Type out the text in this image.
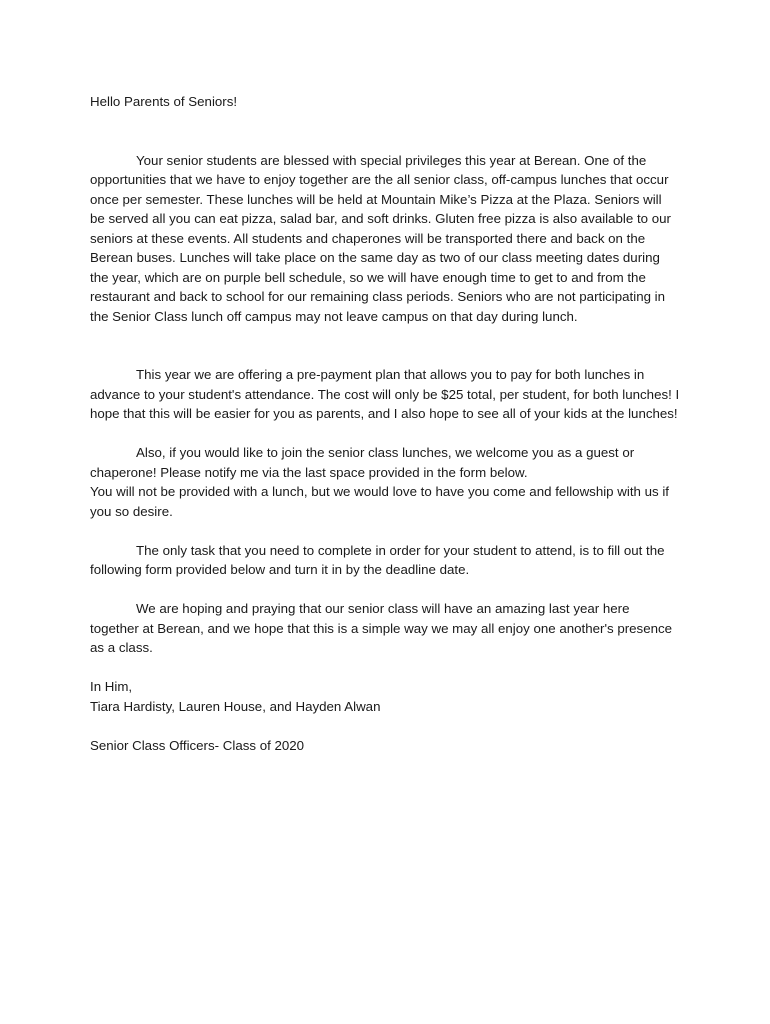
Hello Parents of Seniors!

Your senior students are blessed with special privileges this year at Berean. One of the opportunities that we have to enjoy together are the all senior class, off-campus lunches that occur once per semester. These lunches will be held at Mountain Mike’s Pizza at the Plaza. Seniors will be served all you can eat pizza, salad bar, and soft drinks. Gluten free pizza is also available to our seniors at these events. All students and chaperones will be transported there and back on the Berean buses. Lunches will take place on the same day as two of our class meeting dates during the year, which are on purple bell schedule, so we will have enough time to get to and from the restaurant and back to school for our remaining class periods. Seniors who are not participating in the Senior Class lunch off campus may not leave campus on that day during lunch.

This year we are offering a pre-payment plan that allows you to pay for both lunches in advance to your student's attendance. The cost will only be $25 total, per student, for both lunches! I hope that this will be easier for you as parents, and I also hope to see all of your kids at the lunches!

Also, if you would like to join the senior class lunches, we welcome you as a guest or chaperone! Please notify me via the last space provided in the form below.

You will not be provided with a lunch, but we would love to have you come and fellowship with us if you so desire.

The only task that you need to complete in order for your student to attend, is to fill out the following form provided below and turn it in by the deadline date.

We are hoping and praying that our senior class will have an amazing last year here together at Berean, and we hope that this is a simple way we may all enjoy one another's presence as a class.

In Him,

Tiara Hardisty, Lauren House, and Hayden Alwan

Senior Class Officers- Class of 2020
